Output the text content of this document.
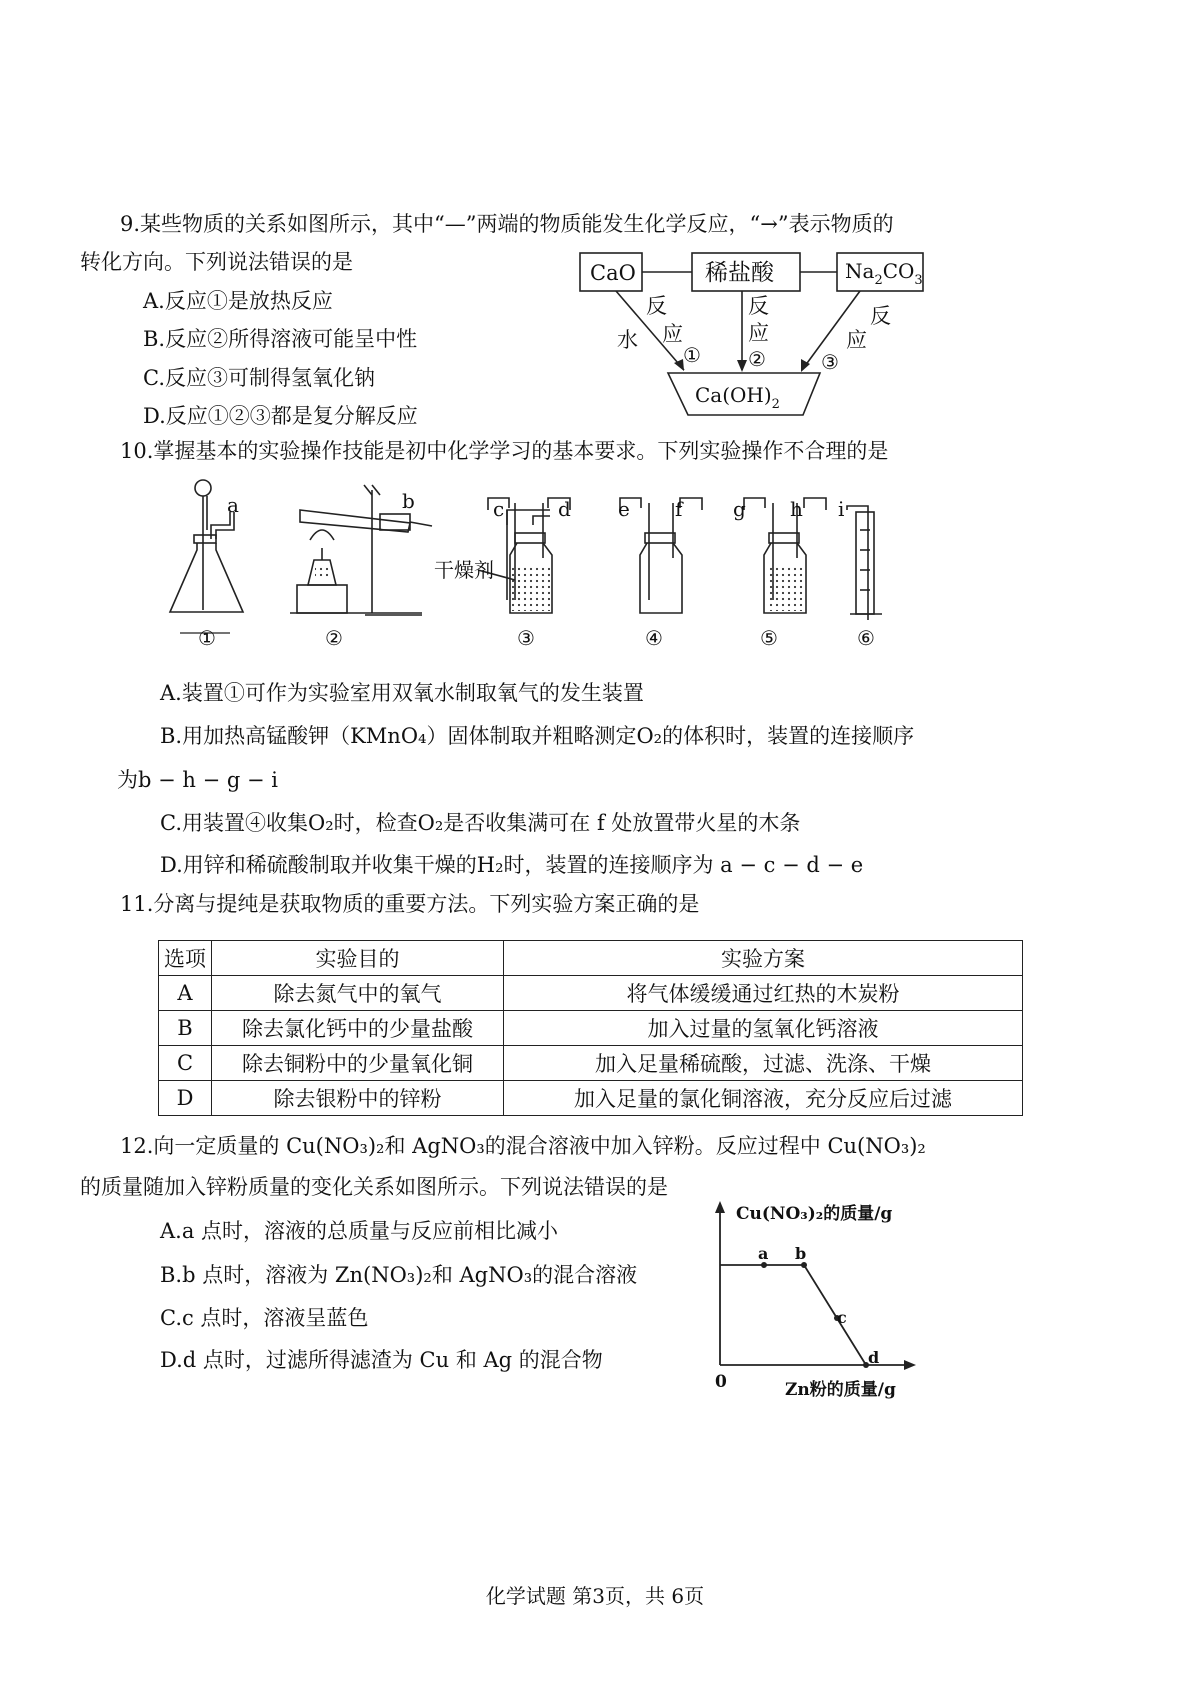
9.某些物质的关系如图所示，其中“—”两端的物质能发生化学反应，“→”表示物质的
转化方向。下列说法错误的是
A.反应①是放热反应
B.反应②所得溶液可能呈中性
C.反应③可制得氢氧化钠
D.反应①②③都是复分解反应
CaO	稀盐酸	$Na_2CO_3$
$Ca(OH)_2$
水
反
应
①
反
应
②
反
应
③
10.掌握基本的实验操作技能是初中化学学习的基本要求。下列实验操作不合理的是
a	b	c	d e f	g h i
干燥剂
①	②	③	④	⑤	⑥
A.装置①可作为实验室用双氧水制取氧气的发生装置
B.用加热高锰酸钾（KMnO₄）固体制取并粗略测定O₂的体积时，装置的连接顺序
为b − h − g − i
C.用装置④收集O₂时，检查O₂是否收集满可在 f 处放置带火星的木条
D.用锌和稀硫酸制取并收集干燥的H₂时，装置的连接顺序为 a − c − d − e
11.分离与提纯是获取物质的重要方法。下列实验方案正确的是
选项	实验目的	实验方案
A	除去氮气中的氧气	将气体缓缓通过红热的木炭粉
B	除去氯化钙中的少量盐酸	加入过量的氢氧化钙溶液
C	除去铜粉中的少量氧化铜	加入足量稀硫酸，过滤、洗涤、干燥
D	除去银粉中的锌粉	加入足量的氯化铜溶液，充分反应后过滤
12.向一定质量的 Cu(NO₃)₂和 AgNO₃的混合溶液中加入锌粉。反应过程中 Cu(NO₃)₂
的质量随加入锌粉质量的变化关系如图所示。下列说法错误的是
A.a 点时，溶液的总质量与反应前相比减小
B.b 点时，溶液为 Zn(NO₃)₂和 AgNO₃的混合溶液
C.c 点时，溶液呈蓝色
D.d 点时，过滤所得滤渣为 Cu 和 Ag 的混合物
Cu(NO₃)₂的质量/g
Zn粉的质量/g
0
a b
c
d
化学试题 第3页，共 6页
